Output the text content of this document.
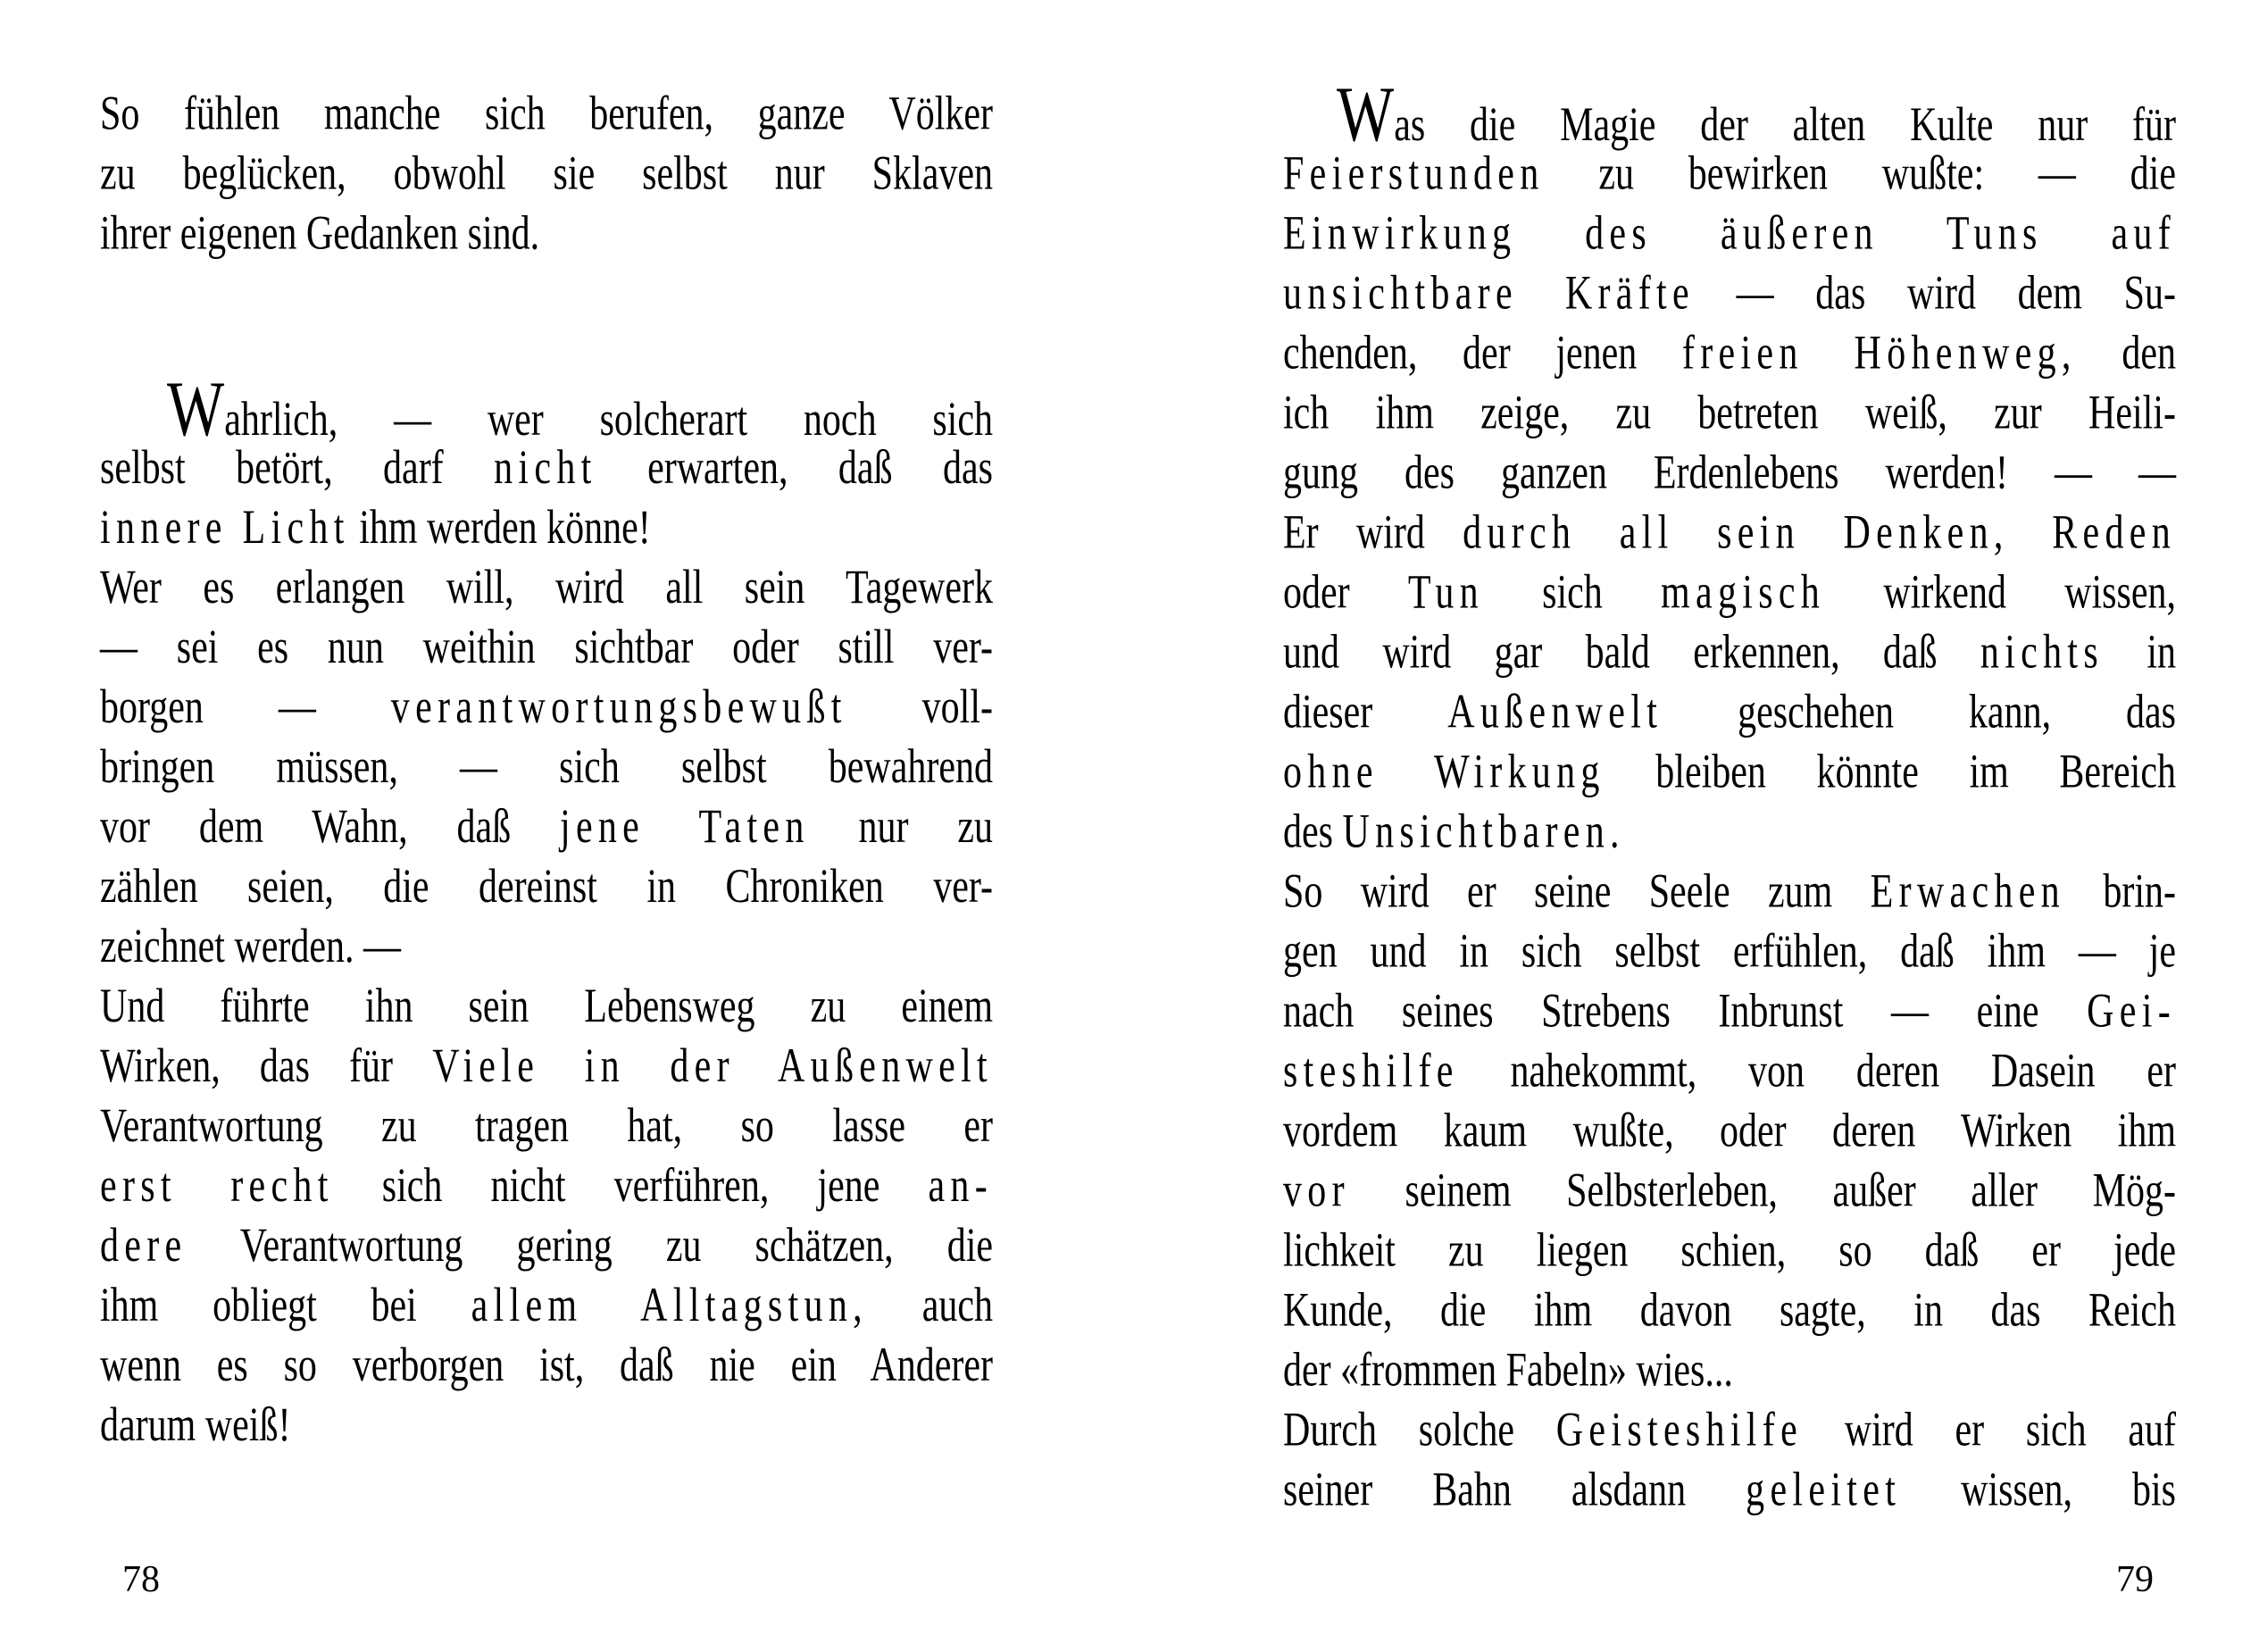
So fühlen manche sich berufen, ganze Völker
zu beglücken, obwohl sie selbst nur Sklaven
ihrer eigenen Gedanken sind.
Wahrlich, — wer solcherart noch sich
selbst betört, darf nicht erwarten, daß das
innere Licht ihm werden könne!
Wer es erlangen will, wird all sein Tagewerk
— sei es nun weithin sichtbar oder still ver-
borgen — verantwortungsbewußt voll-
bringen müssen, — sich selbst bewahrend
vor dem Wahn, daß jene Taten nur zu
zählen seien, die dereinst in Chroniken ver-
zeichnet werden. —
Und führte ihn sein Lebensweg zu einem
Wirken, das für Viele in der Außenwelt
Verantwortung zu tragen hat, so lasse er
erst recht sich nicht verführen, jene an-
dere Verantwortung gering zu schätzen, die
ihm obliegt bei allem Alltagstun, auch
wenn es so verborgen ist, daß nie ein Anderer
darum weiß!
Was die Magie der alten Kulte nur für
Feierstunden zu bewirken wußte: — die
Einwirkung des äußeren Tuns auf
unsichtbare Kräfte — das wird dem Su-
chenden, der jenen freien Höhenweg, den
ich ihm zeige, zu betreten weiß, zur Heili-
gung des ganzen Erdenlebens werden! — —
Er wird durch all sein Denken, Reden
oder Tun sich magisch wirkend wissen,
und wird gar bald erkennen, daß nichts in
dieser Außenwelt geschehen kann, das
ohne Wirkung bleiben könnte im Bereich
des Unsichtbaren.
So wird er seine Seele zum Erwachen brin-
gen und in sich selbst erfühlen, daß ihm — je
nach seines Strebens Inbrunst — eine Gei-
steshilfe nahekommt, von deren Dasein er
vordem kaum wußte, oder deren Wirken ihm
vor seinem Selbsterleben, außer aller Mög-
lichkeit zu liegen schien, so daß er jede
Kunde, die ihm davon sagte, in das Reich
der «frommen Fabeln» wies...
Durch solche Geisteshilfe wird er sich auf
seiner Bahn alsdann geleitet wissen, bis
78	79
